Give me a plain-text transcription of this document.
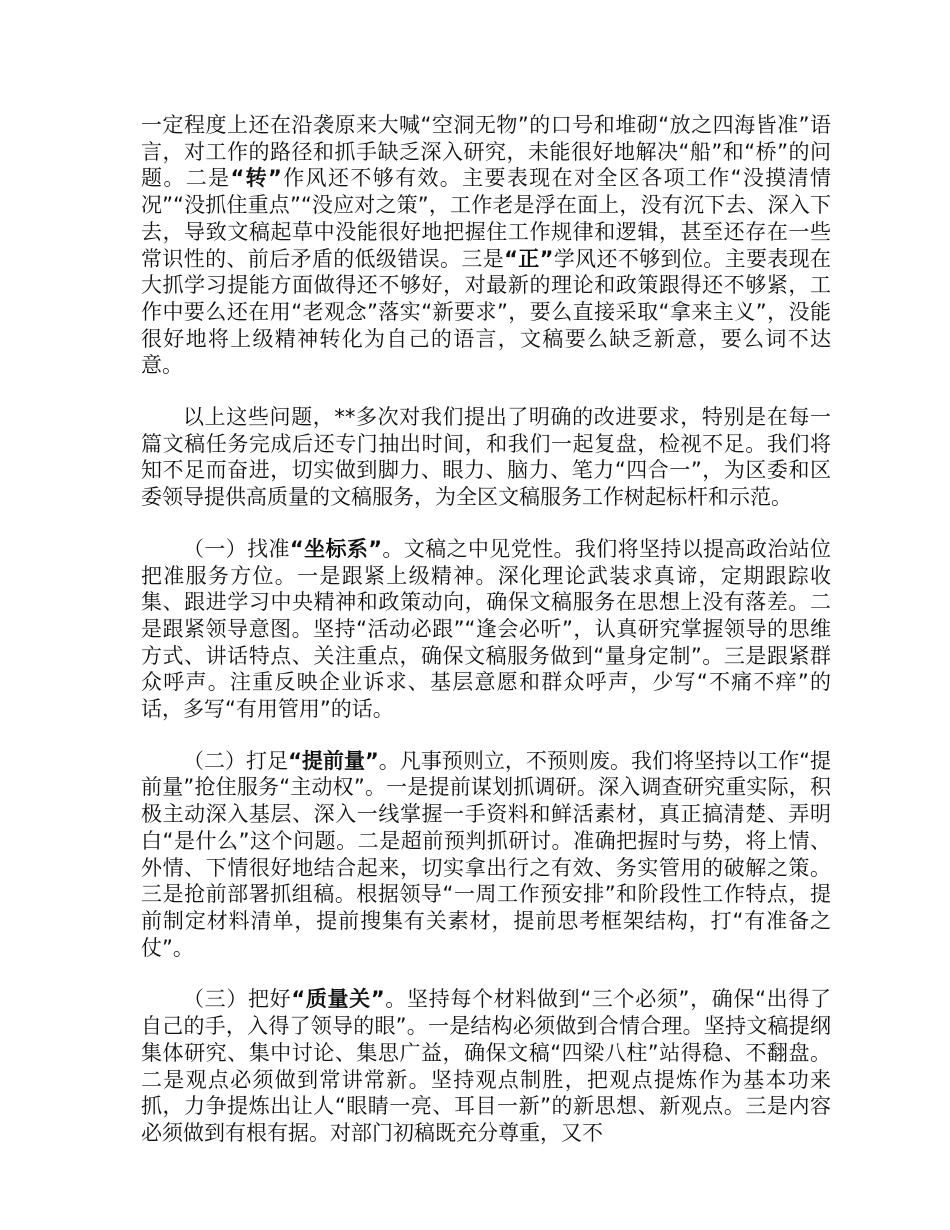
一定程度上还在沿袭原来大喊“空洞无物”的口号和堆砌“放之四海皆准”语言，对工作的路径和抓手缺乏深入研究，未能很好地解决“船”和“桥”的问题。二是“转”作风还不够有效。主要表现在对全区各项工作“没摸清情况”“没抓住重点”“没应对之策”，工作老是浮在面上，没有沉下去、深入下去，导致文稿起草中没能很好地把握住工作规律和逻辑，甚至还存在一些常识性的、前后矛盾的低级错误。三是“正”学风还不够到位。主要表现在大抓学习提能方面做得还不够好，对最新的理论和政策跟得还不够紧，工作中要么还在用“老观念”落实“新要求”，要么直接采取“拿来主义”，没能很好地将上级精神转化为自己的语言，文稿要么缺乏新意，要么词不达意。

以上这些问题，**多次对我们提出了明确的改进要求，特别是在每一篇文稿任务完成后还专门抽出时间，和我们一起复盘，检视不足。我们将知不足而奋进，切实做到脚力、眼力、脑力、笔力“四合一”，为区委和区委领导提供高质量的文稿服务，为全区文稿服务工作树起标杆和示范。

（一）找准“坐标系”。文稿之中见党性。我们将坚持以提高政治站位把准服务方位。一是跟紧上级精神。深化理论武装求真谛，定期跟踪收集、跟进学习中央精神和政策动向，确保文稿服务在思想上没有落差。二是跟紧领导意图。坚持“活动必跟”“逢会必听”，认真研究掌握领导的思维方式、讲话特点、关注重点，确保文稿服务做到“量身定制”。三是跟紧群众呼声。注重反映企业诉求、基层意愿和群众呼声，少写“不痛不痒”的话，多写“有用管用”的话。

（二）打足“提前量”。凡事预则立，不预则废。我们将坚持以工作“提前量”抢住服务“主动权”。一是提前谋划抓调研。深入调查研究重实际，积极主动深入基层、深入一线掌握一手资料和鲜活素材，真正搞清楚、弄明白“是什么”这个问题。二是超前预判抓研讨。准确把握时与势，将上情、外情、下情很好地结合起来，切实拿出行之有效、务实管用的破解之策。三是抢前部署抓组稿。根据领导“一周工作预安排”和阶段性工作特点，提前制定材料清单，提前搜集有关素材，提前思考框架结构，打“有准备之仗”。

（三）把好“质量关”。坚持每个材料做到“三个必须”，确保“出得了自己的手，入得了领导的眼”。一是结构必须做到合情合理。坚持文稿提纲集体研究、集中讨论、集思广益，确保文稿“四梁八柱”站得稳、不翻盘。二是观点必须做到常讲常新。坚持观点制胜，把观点提炼作为基本功来抓，力争提炼出让人“眼睛一亮、耳目一新”的新思想、新观点。三是内容必须做到有根有据。对部门初稿既充分尊重，又不
